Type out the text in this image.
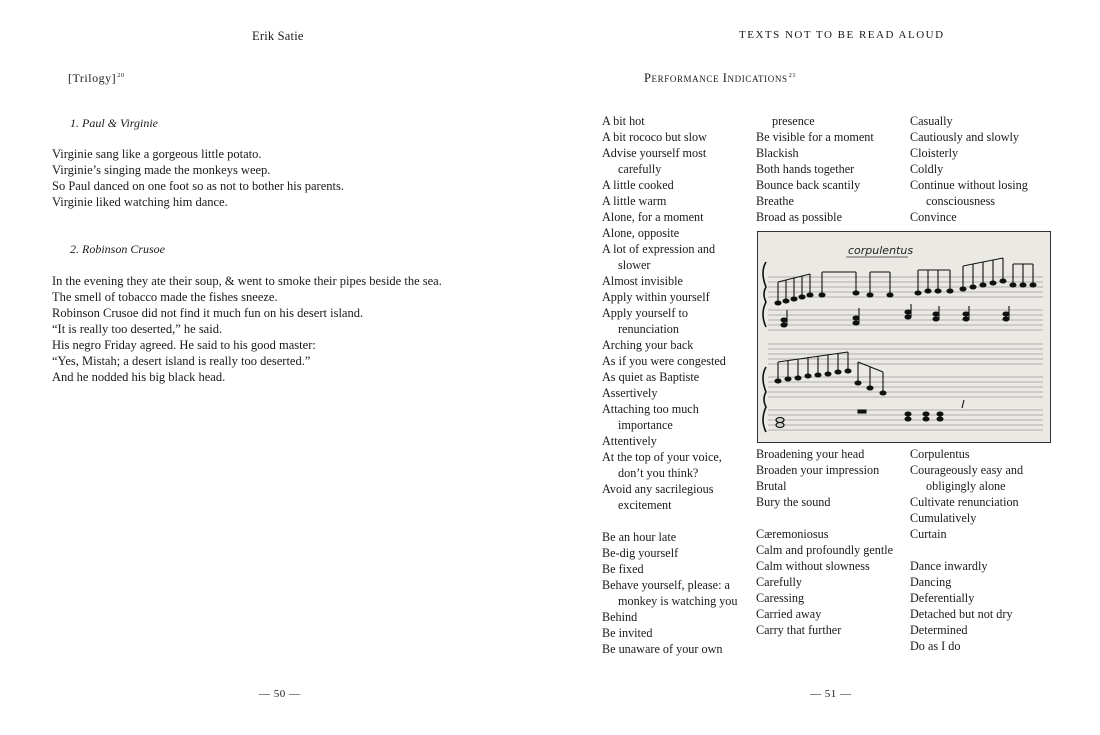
Erik Satie
$[Trilogy]^{20}$
1. Paul & Virginie
Virginie sang like a gorgeous little potato.
Virginie’s singing made the monkeys weep.
So Paul danced on one foot so as not to bother his parents.
Virginie liked watching him dance.
2. Robinson Crusoe
In the evening they ate their soup, & went to smoke their pipes beside the sea.
The smell of tobacco made the fishes sneeze.
Robinson Crusoe did not find it much fun on his desert island.
“It is really too deserted,” he said.
His negro Friday agreed. He said to his good master:
“Yes, Mistah; a desert island is really too deserted.”
And he nodded his big black head.
— 50 —
TEXTS NOT TO BE READ ALOUD
Performance Indications$^{21}$
A bit hot
A bit rococo but slow
Advise yourself most carefully
A little cooked
A little warm
Alone, for a moment
Alone, opposite
A lot of expression and slower
Almost invisible
Apply within yourself
Apply yourself to renunciation
Arching your back
As if you were congested
As quiet as Baptiste
Assertively
Attaching too much importance
Attentively
At the top of your voice, don’t you think?
Avoid any sacrilegious excitement
Be an hour late
Be-dig yourself
Be fixed
Behave yourself, please: a monkey is watching you
Behind
Be invited
Be unaware of your own
presence
Be visible for a moment
Blackish
Both hands together
Bounce back scantily
Breathe
Broad as possible
Casually
Cautiously and slowly
Cloisterly
Coldly
Continue without losing consciousness
Convince
corpulentus
Broadening your head
Broaden your impression
Brutal
Bury the sound
Cæremoniosus
Calm and profoundly gentle
Calm without slowness
Carefully
Caressing
Carried away
Carry that further
Corpulentus
Courageously easy and obligingly alone
Cultivate renunciation
Cumulatively
Curtain
Dance inwardly
Dancing
Deferentially
Detached but not dry
Determined
Do as I do
— 51 —
